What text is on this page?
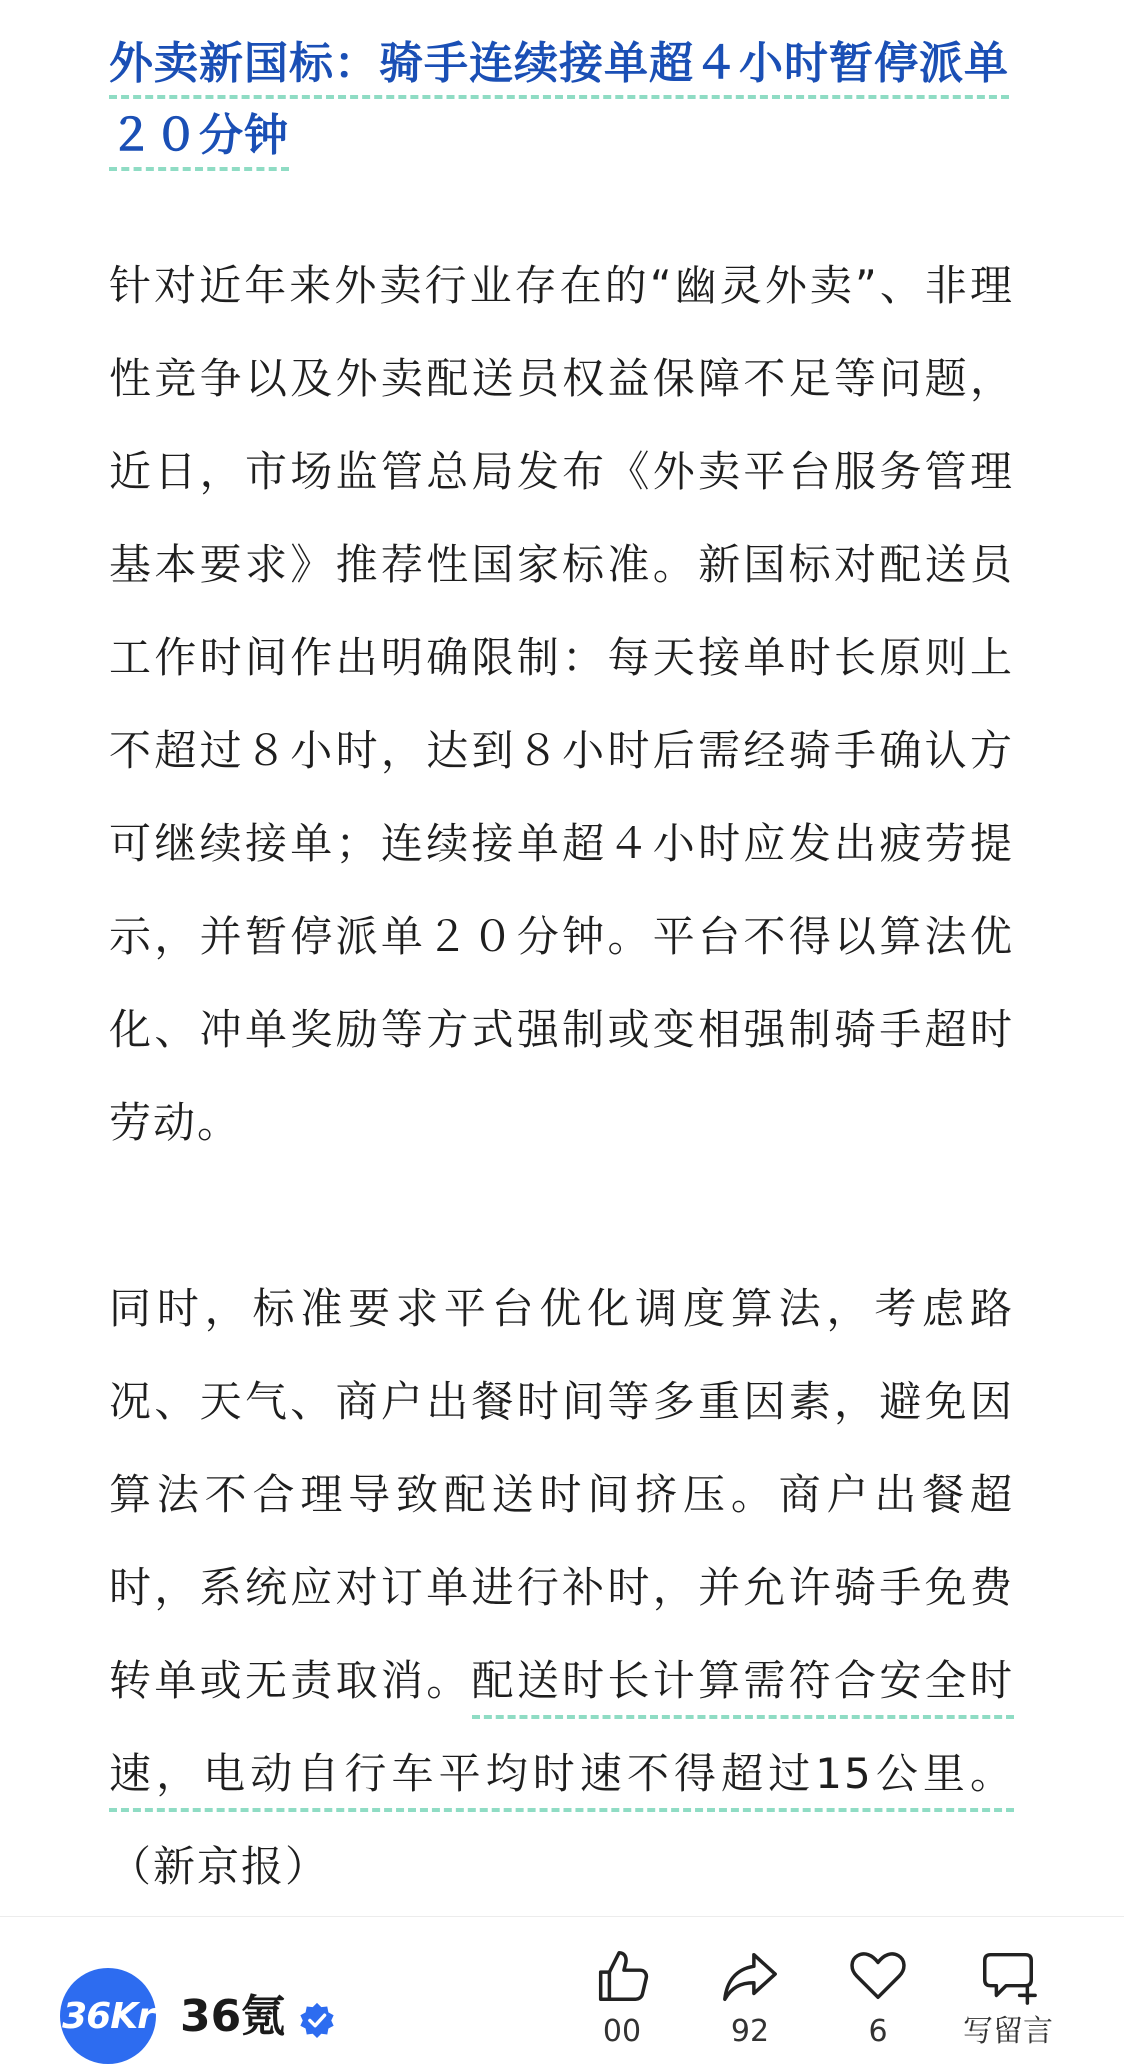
外卖新国标：骑手连续接单超４小时暂停派单２０分钟

针对近年来外卖行业存在的“幽灵外卖”、非理性竞争以及外卖配送员权益保障不足等问题，近日，市场监管总局发布《外卖平台服务管理基本要求》推荐性国家标准。新国标对配送员工作时间作出明确限制：每天接单时长原则上不超过８小时，达到８小时后需经骑手确认方可继续接单；连续接单超４小时应发出疲劳提示，并暂停派单２０分钟。平台不得以算法优化、冲单奖励等方式强制或变相强制骑手超时劳动。

同时，标准要求平台优化调度算法，考虑路况、天气、商户出餐时间等多重因素，避免因算法不合理导致配送时间挤压。商户出餐超时，系统应对订单进行补时，并允许骑手免费转单或无责取消。配送时长计算需符合安全时速，电动自行车平均时速不得超过15公里。（新京报）

36Kr 36氪	00	92	6	写留言
